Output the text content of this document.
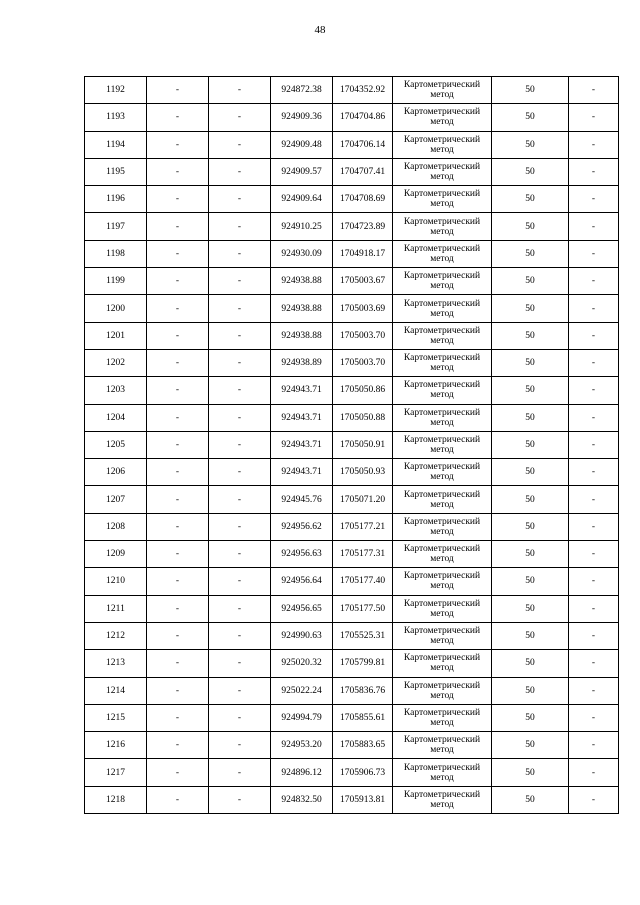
48
1192	-	-	924872.38	1704352.92	Картометрический метод	50	-
1193	-	-	924909.36	1704704.86	Картометрический метод	50	-
1194	-	-	924909.48	1704706.14	Картометрический метод	50	-
1195	-	-	924909.57	1704707.41	Картометрический метод	50	-
1196	-	-	924909.64	1704708.69	Картометрический метод	50	-
1197	-	-	924910.25	1704723.89	Картометрический метод	50	-
1198	-	-	924930.09	1704918.17	Картометрический метод	50	-
1199	-	-	924938.88	1705003.67	Картометрический метод	50	-
1200	-	-	924938.88	1705003.69	Картометрический метод	50	-
1201	-	-	924938.88	1705003.70	Картометрический метод	50	-
1202	-	-	924938.89	1705003.70	Картометрический метод	50	-
1203	-	-	924943.71	1705050.86	Картометрический метод	50	-
1204	-	-	924943.71	1705050.88	Картометрический метод	50	-
1205	-	-	924943.71	1705050.91	Картометрический метод	50	-
1206	-	-	924943.71	1705050.93	Картометрический метод	50	-
1207	-	-	924945.76	1705071.20	Картометрический метод	50	-
1208	-	-	924956.62	1705177.21	Картометрический метод	50	-
1209	-	-	924956.63	1705177.31	Картометрический метод	50	-
1210	-	-	924956.64	1705177.40	Картометрический метод	50	-
1211	-	-	924956.65	1705177.50	Картометрический метод	50	-
1212	-	-	924990.63	1705525.31	Картометрический метод	50	-
1213	-	-	925020.32	1705799.81	Картометрический метод	50	-
1214	-	-	925022.24	1705836.76	Картометрический метод	50	-
1215	-	-	924994.79	1705855.61	Картометрический метод	50	-
1216	-	-	924953.20	1705883.65	Картометрический метод	50	-
1217	-	-	924896.12	1705906.73	Картометрический метод	50	-
1218	-	-	924832.50	1705913.81	Картометрический метод	50	-
